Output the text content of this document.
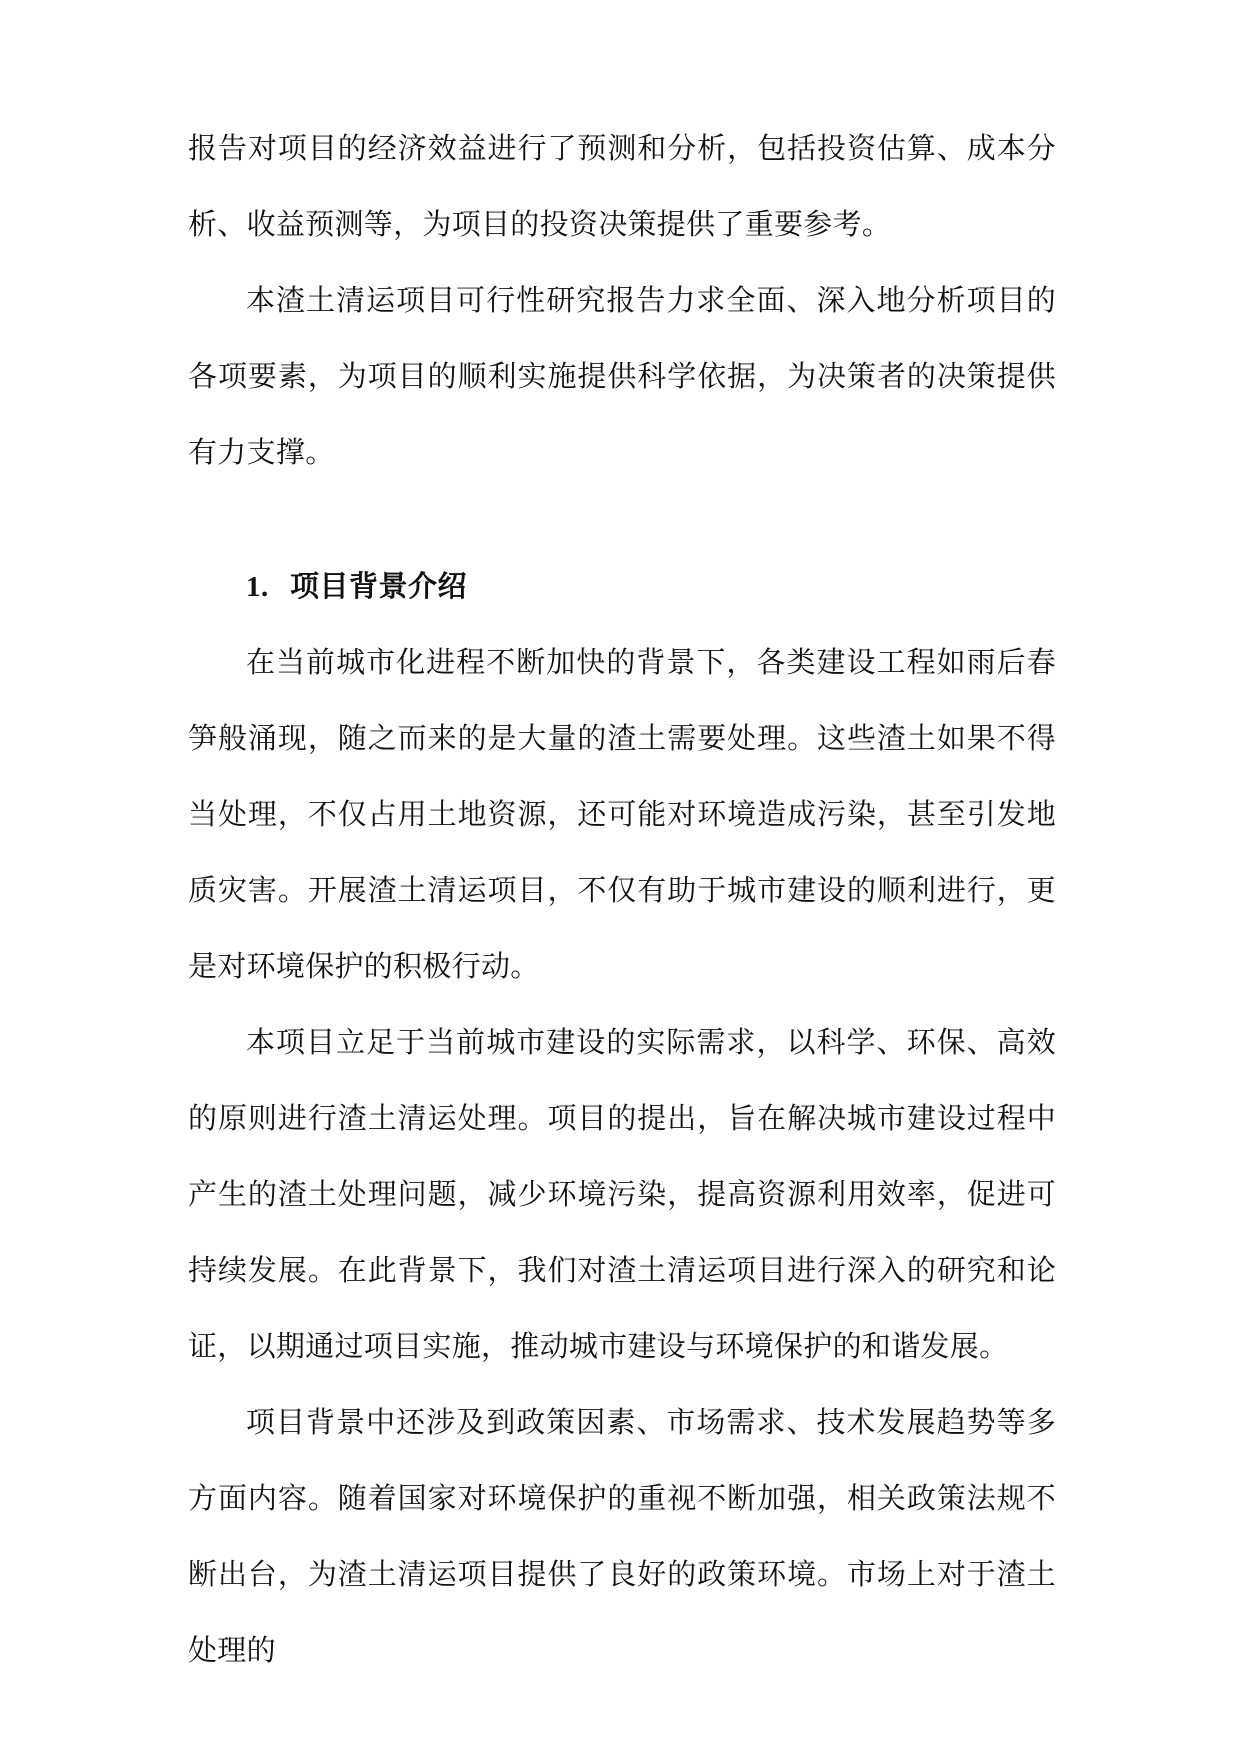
报告对项目的经济效益进行了预测和分析，包括投资估算、成本分析、收益预测等，为项目的投资决策提供了重要参考。

本渣土清运项目可行性研究报告力求全面、深入地分析项目的各项要素，为项目的顺利实施提供科学依据，为决策者的决策提供有力支撑。

1. 项目背景介绍

在当前城市化进程不断加快的背景下，各类建设工程如雨后春笋般涌现，随之而来的是大量的渣土需要处理。这些渣土如果不得当处理，不仅占用土地资源，还可能对环境造成污染，甚至引发地质灾害。开展渣土清运项目，不仅有助于城市建设的顺利进行，更是对环境保护的积极行动。

本项目立足于当前城市建设的实际需求，以科学、环保、高效的原则进行渣土清运处理。项目的提出，旨在解决城市建设过程中产生的渣土处理问题，减少环境污染，提高资源利用效率，促进可持续发展。在此背景下，我们对渣土清运项目进行深入的研究和论证，以期通过项目实施，推动城市建设与环境保护的和谐发展。

项目背景中还涉及到政策因素、市场需求、技术发展趋势等多方面内容。随着国家对环境保护的重视不断加强，相关政策法规不断出台，为渣土清运项目提供了良好的政策环境。市场上对于渣土处理的
